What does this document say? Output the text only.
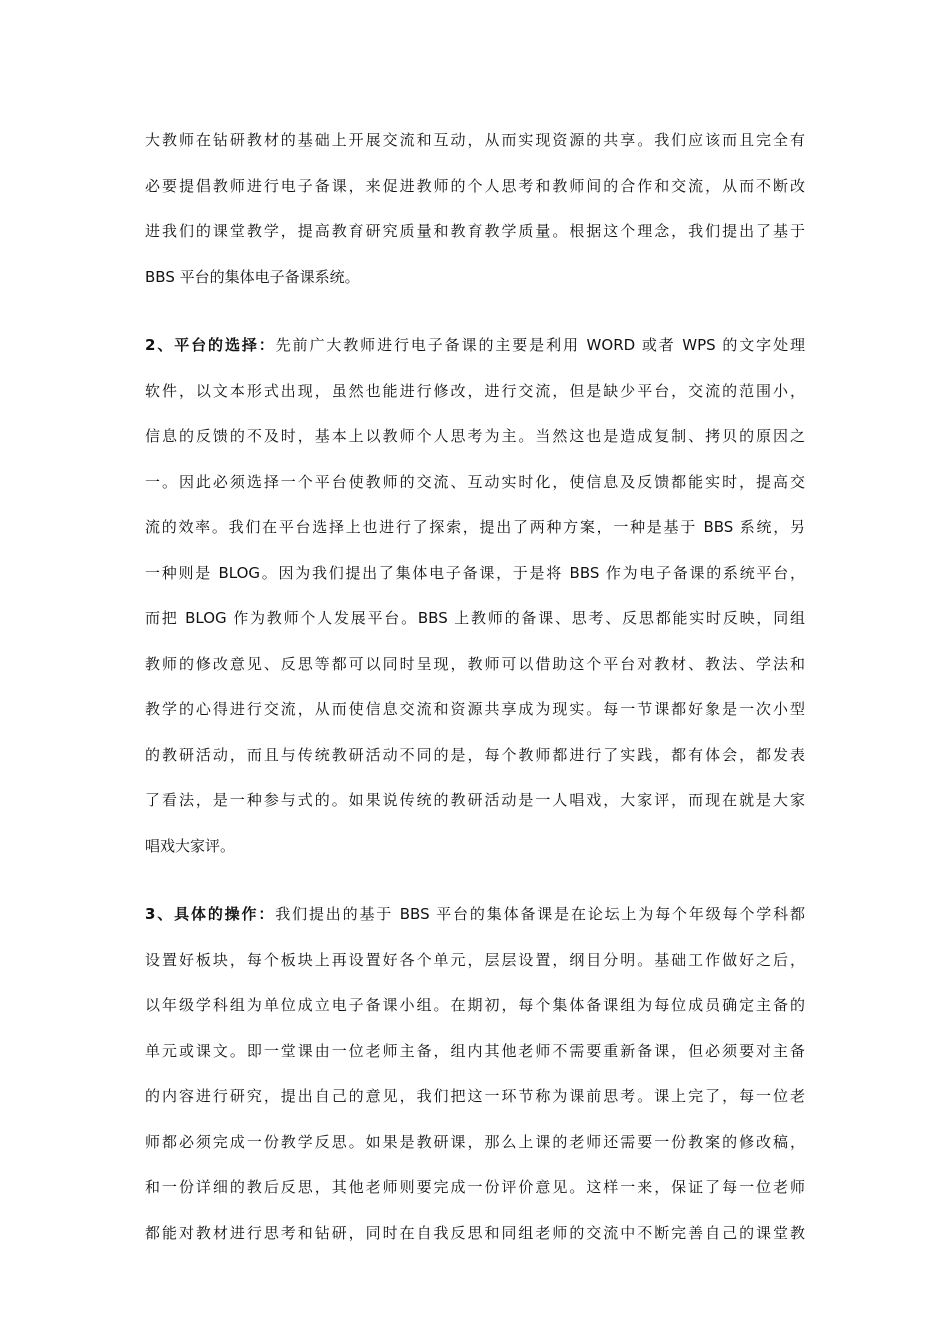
大教师在钻研教材的基础上开展交流和互动，从而实现资源的共享。我们应该而且完全有
必要提倡教师进行电子备课，来促进教师的个人思考和教师间的合作和交流，从而不断改
进我们的课堂教学，提高教育研究质量和教育教学质量。根据这个理念，我们提出了基于
BBS 平台的集体电子备课系统。

2、平台的选择：先前广大教师进行电子备课的主要是利用 WORD 或者 WPS 的文字处理
软件，以文本形式出现，虽然也能进行修改，进行交流，但是缺少平台，交流的范围小，
信息的反馈的不及时，基本上以教师个人思考为主。当然这也是造成复制、拷贝的原因之
一。因此必须选择一个平台使教师的交流、互动实时化，使信息及反馈都能实时，提高交
流的效率。我们在平台选择上也进行了探索，提出了两种方案，一种是基于 BBS 系统，另
一种则是 BLOG。因为我们提出了集体电子备课，于是将 BBS 作为电子备课的系统平台，
而把 BLOG 作为教师个人发展平台。BBS 上教师的备课、思考、反思都能实时反映，同组
教师的修改意见、反思等都可以同时呈现，教师可以借助这个平台对教材、教法、学法和
教学的心得进行交流，从而使信息交流和资源共享成为现实。每一节课都好象是一次小型
的教研活动，而且与传统教研活动不同的是，每个教师都进行了实践，都有体会，都发表
了看法，是一种参与式的。如果说传统的教研活动是一人唱戏，大家评，而现在就是大家
唱戏大家评。

3、具体的操作：我们提出的基于 BBS 平台的集体备课是在论坛上为每个年级每个学科都
设置好板块，每个板块上再设置好各个单元，层层设置，纲目分明。基础工作做好之后，
以年级学科组为单位成立电子备课小组。在期初，每个集体备课组为每位成员确定主备的
单元或课文。即一堂课由一位老师主备，组内其他老师不需要重新备课，但必须要对主备
的内容进行研究，提出自己的意见，我们把这一环节称为课前思考。课上完了，每一位老
师都必须完成一份教学反思。如果是教研课，那么上课的老师还需要一份教案的修改稿，
和一份详细的教后反思，其他老师则要完成一份评价意见。这样一来，保证了每一位老师
都能对教材进行思考和钻研，同时在自我反思和同组老师的交流中不断完善自己的课堂教
